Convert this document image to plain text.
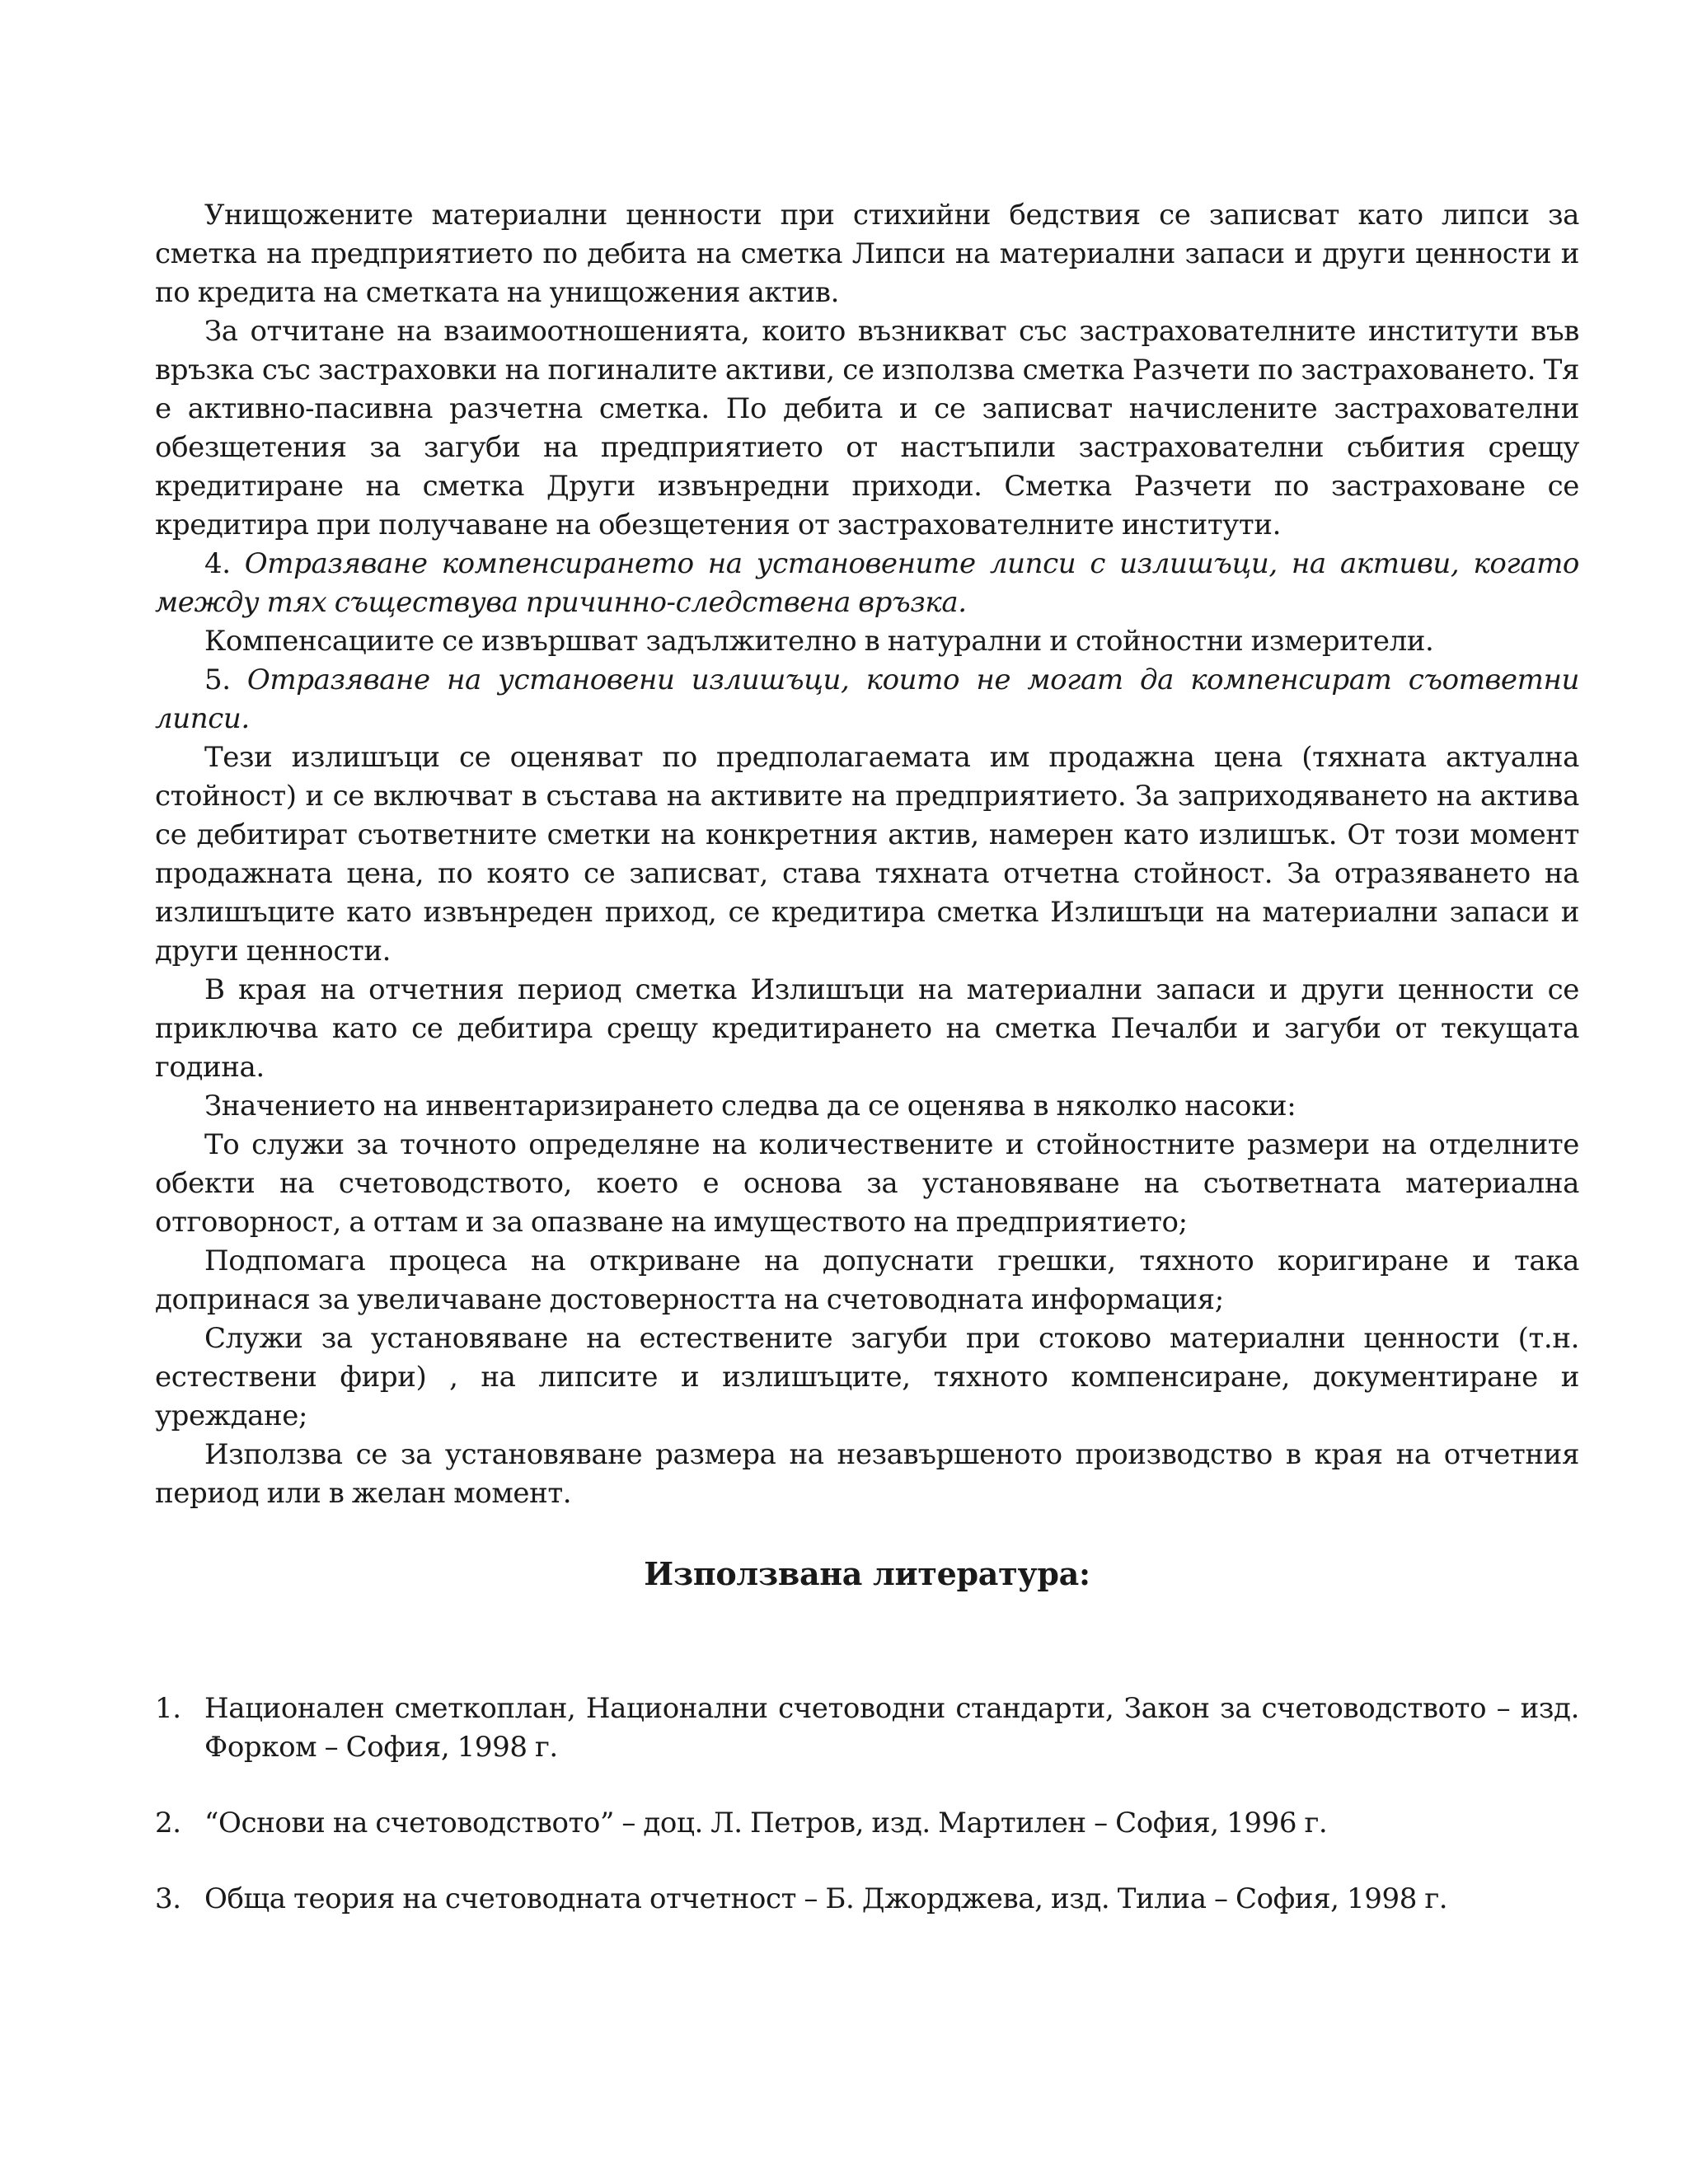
Унищожените материални ценности при стихийни бедствия се записват като липси за сметка на предприятието по дебита на сметка Липси на материални запаси и други ценности и по кредита на сметката на унищожения актив.

За отчитане на взаимоотношенията, които възникват със застрахователните институти във връзка със застраховки на погиналите активи, се използва сметка Разчети по застраховането. Тя е активно-пасивна разчетна сметка. По дебита и се записват начислените застрахователни обезщетения за загуби на предприятието от настъпили застрахователни събития срещу кредитиране на сметка Други извънредни приходи. Сметка Разчети по застраховане се кредитира при получаване на обезщетения от застрахователните институти.

4. Отразяване компенсирането на установените липси с излишъци, на активи, когато между тях съществува причинно-следствена връзка.

Компенсациите се извършват задължително в натурални и стойностни измерители.

5. Отразяване на установени излишъци, които не могат да компенсират съответни липси.

Тези излишъци се оценяват по предполагаемата им продажна цена (тяхната актуална стойност) и се включват в състава на активите на предприятието. За заприходяването на актива се дебитират съответните сметки на конкретния актив, намерен като излишък. От този момент продажната цена, по която се записват, става тяхната отчетна стойност. За отразяването на излишъците като извънреден приход, се кредитира сметка Излишъци на материални запаси и други ценности.

В края на отчетния период сметка Излишъци на материални запаси и други ценности се приключва като се дебитира срещу кредитирането на сметка Печалби и загуби от текущата година.

Значението на инвентаризирането следва да се оценява в няколко насоки:

То служи за точното определяне на количествените и стойностните размери на отделните обекти на счетоводството, което е основа за установяване на съответната материална отговорност, а оттам и за опазване на имуществото на предприятието;

Подпомага процеса на откриване на допуснати грешки, тяхното коригиране и така допринася за увеличаване достоверността на счетоводната информация;

Служи за установяване на естествените загуби при стоково материални ценности (т.н. естествени фири) , на липсите и излишъците, тяхното компенсиране, документиране и уреждане;

Използва се за установяване размера на незавършеното производство в края на отчетния период или в желан момент.

Използвана литература:
1. Национален сметкоплан, Национални счетоводни стандарти, Закон за счетоводството – изд. Форком – София, 1998 г.
2. “Основи на счетоводството” – доц. Л. Петров, изд. Мартилен – София, 1996 г.
3. Обща теория на счетоводната отчетност – Б. Джорджева, изд. Тилиа – София, 1998 г.
